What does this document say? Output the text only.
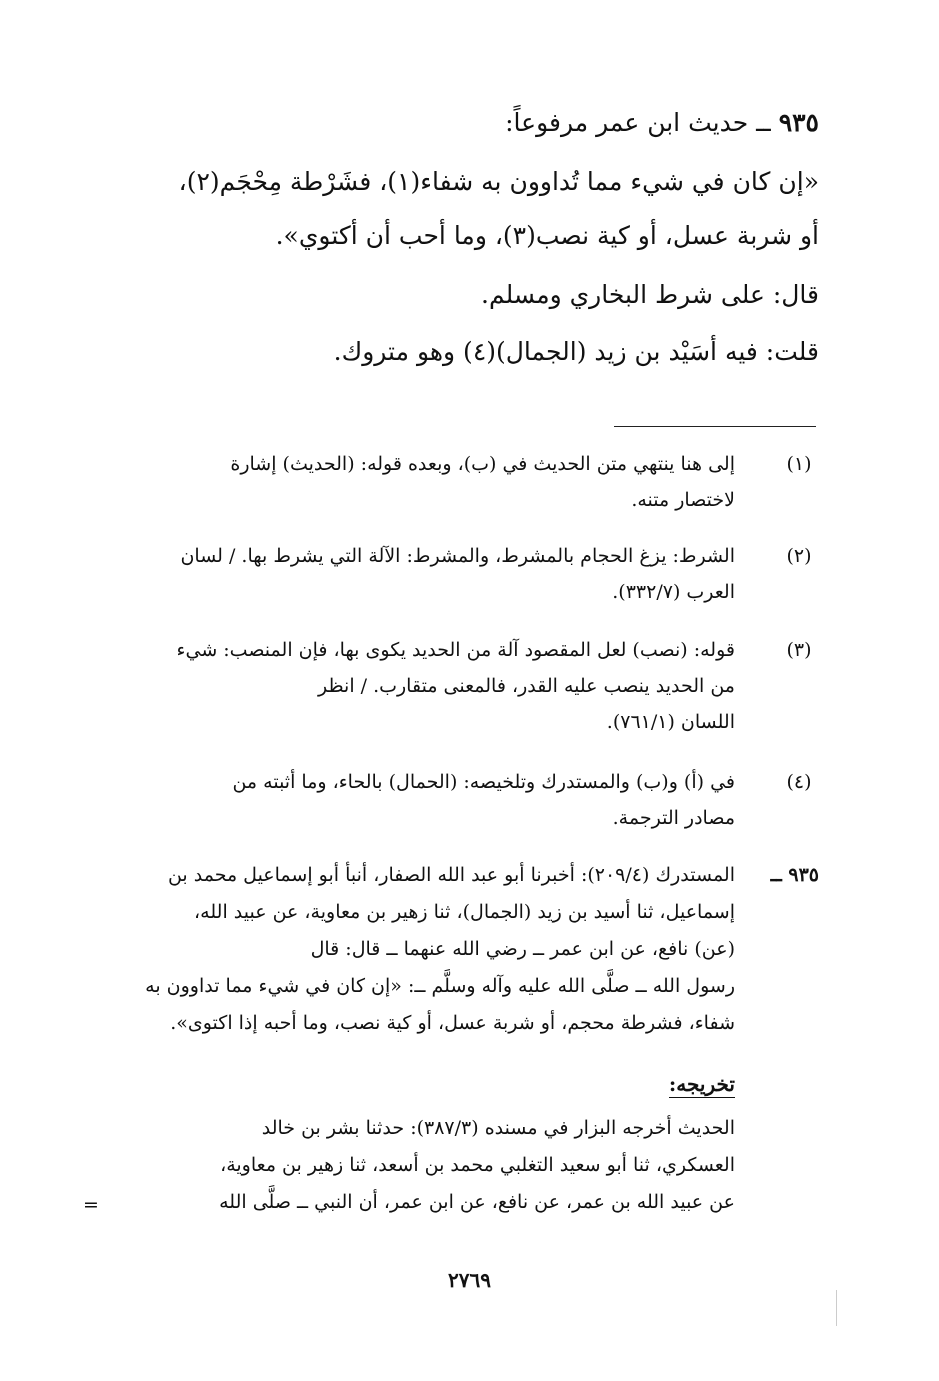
٩٣٥ ــ حديث ابن عمر مرفوعاً:
«إن كان في شيء مما تُداوون به شفاء(١)، فشَرْطة مِحْجَم(٢)،
أو شربة عسل، أو كية نصب(٣)، وما أحب أن أكتوي».
قال: على شرط البخاري ومسلم.
قلت: فيه أسَيْد بن زيد (الجمال)(٤) وهو متروك.
(١)
إلى هنا ينتهي متن الحديث في (ب)، وبعده قوله: (الحديث) إشارة
لاختصار متنه.
(٢)
الشرط: يزغ الحجام بالمشرط، والمشرط: الآلة التي يشرط بها. / لسان
العرب (٣٣٢/٧).
(٣)
قوله: (نصب) لعل المقصود آلة من الحديد يكوى بها، فإن المنصب: شيء
من الحديد ينصب عليه القدر، فالمعنى متقارب. / انظر
اللسان (٧٦١/١).
(٤)
في (أ) و(ب) والمستدرك وتلخيصه: (الحمال) بالحاء، وما أثبته من
مصادر الترجمة.
٩٣٥ ــ
المستدرك (٢٠٩/٤): أخبرنا أبو عبد الله الصفار، أنبأ أبو إسماعيل محمد بن
إسماعيل، ثنا أسيد بن زيد (الجمال)، ثنا زهير بن معاوية، عن عبيد الله،
(عن) نافع، عن ابن عمر ــ رضي الله عنهما ــ قال: قال
رسول الله ــ صلَّى الله عليه وآله وسلَّم ــ: «إن كان في شيء مما تداوون به
شفاء، فشرطة محجم، أو شربة عسل، أو كية نصب، وما أحبه إذا اكتوى».
تخريجه:
الحديث أخرجه البزار في مسنده (٣٨٧/٣): حدثنا بشر بن خالد
العسكري، ثنا أبو سعيد التغلبي محمد بن أسعد، ثنا زهير بن معاوية،
عن عبيد الله بن عمر، عن نافع، عن ابن عمر، أن النبي ــ صلَّى الله
=
٢٧٦٩
